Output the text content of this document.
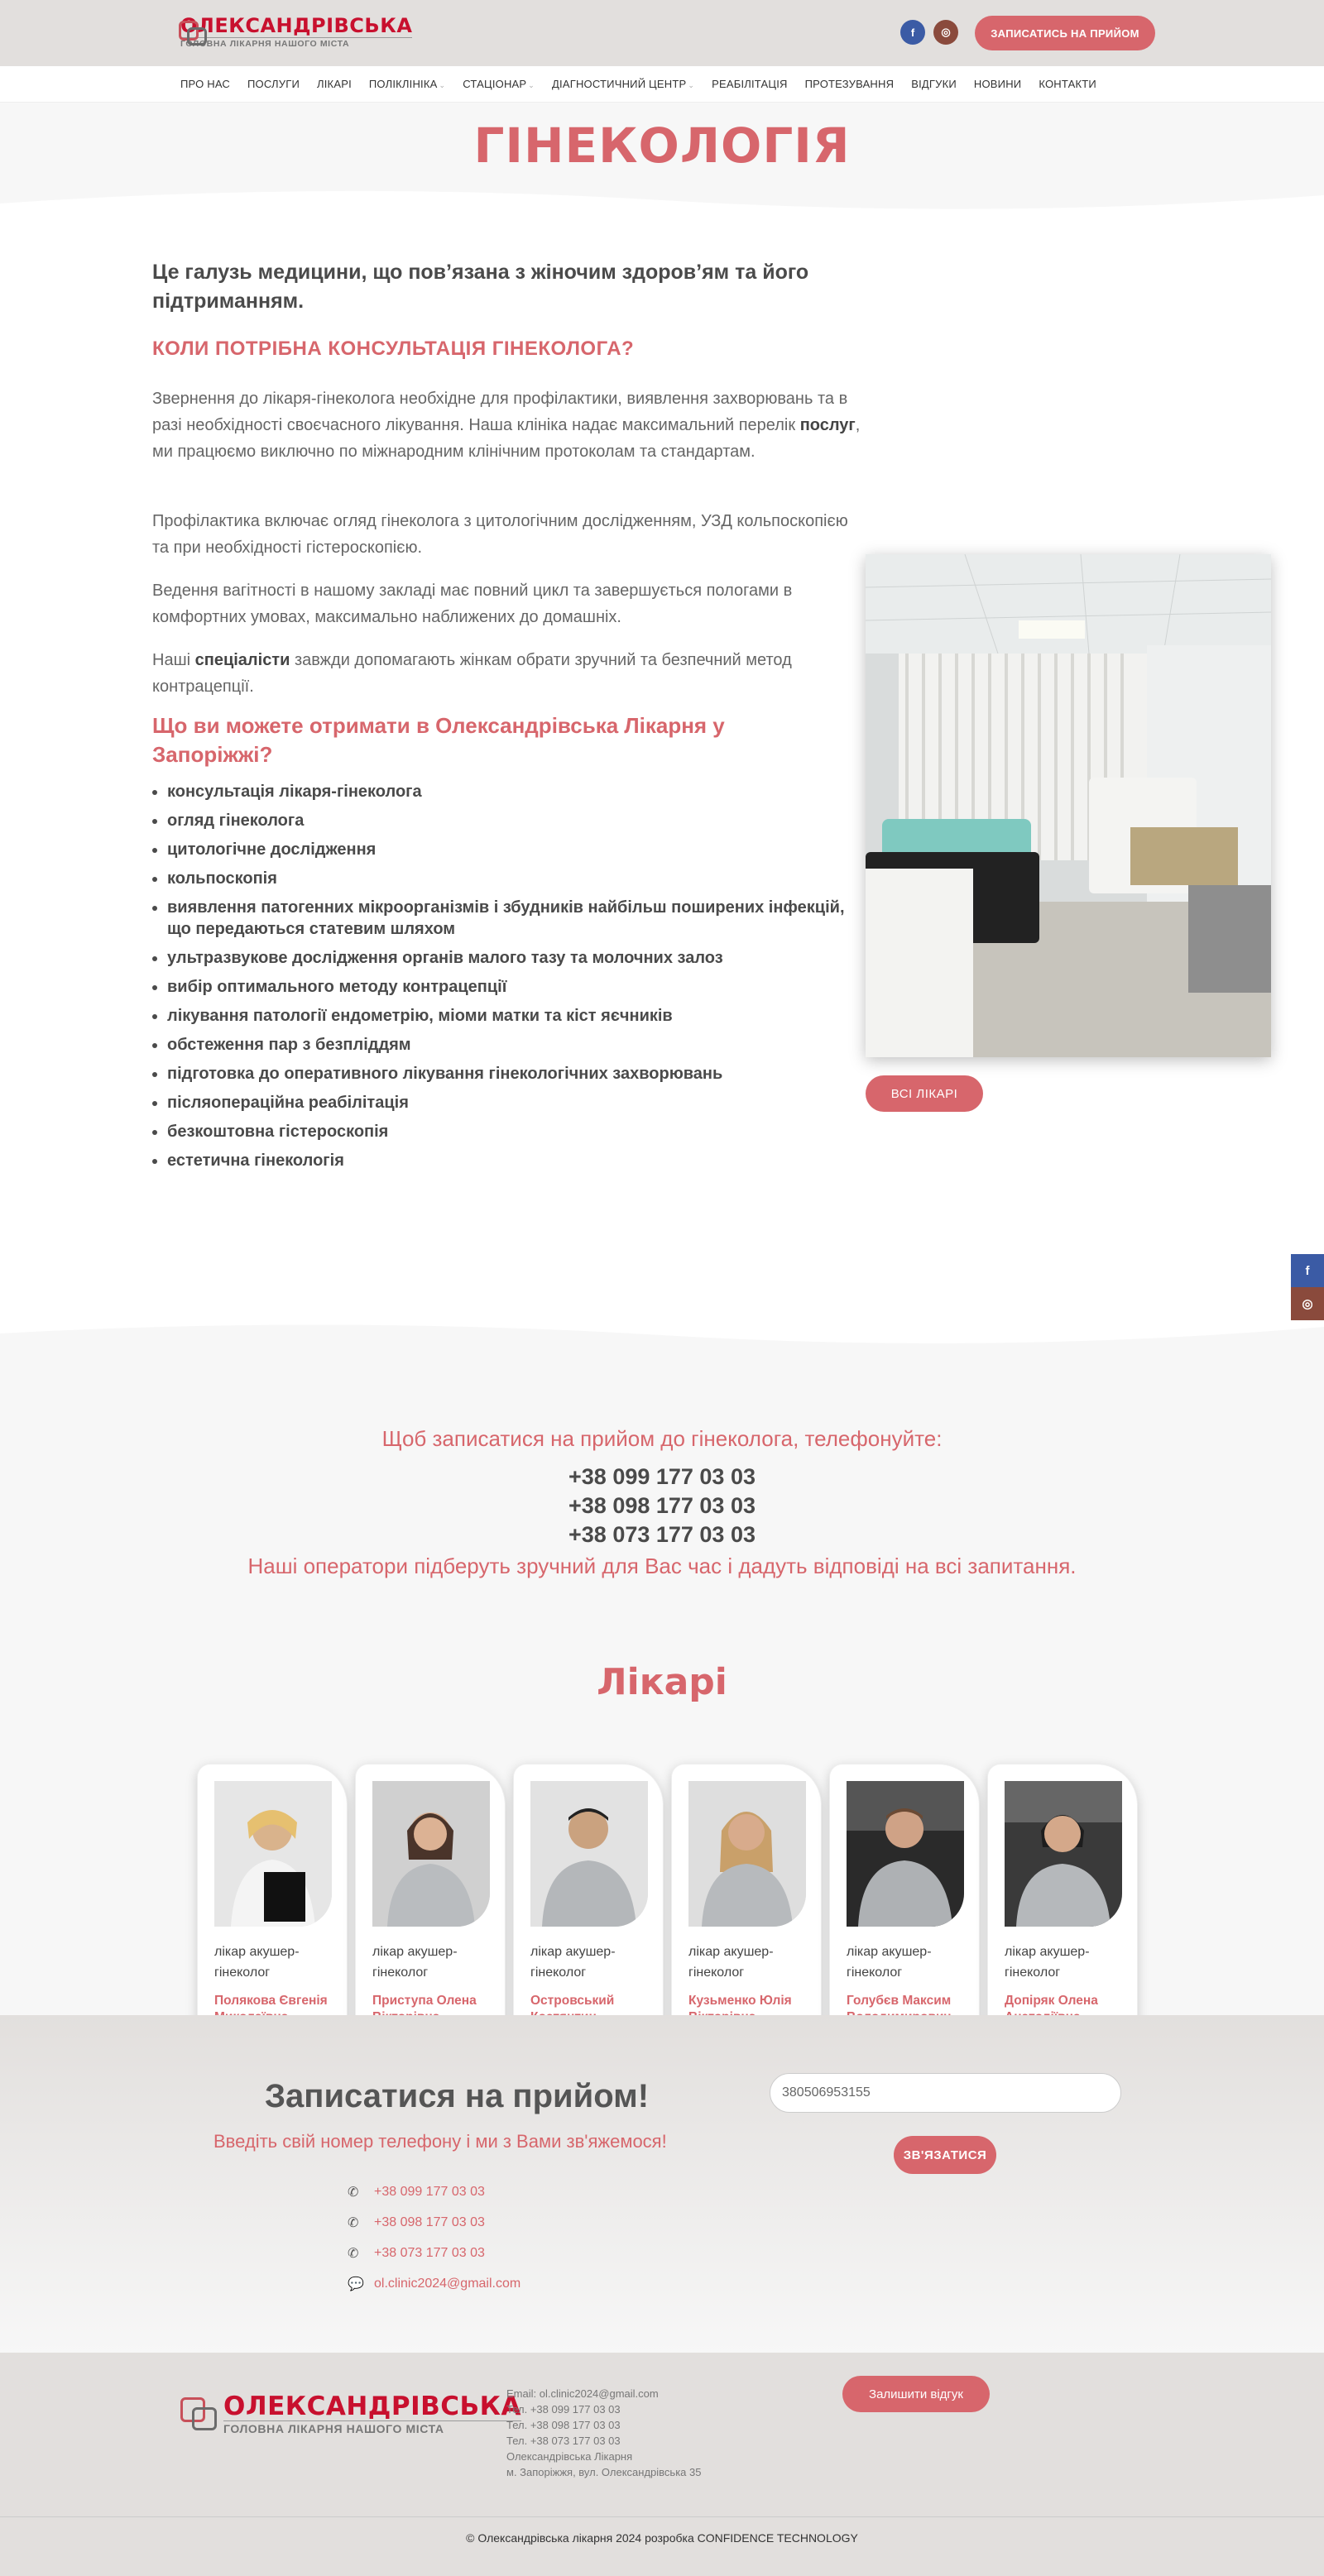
ОЛЕКСАНДРІВСЬКА
ГОЛОВНА ЛІКАРНЯ НАШОГО МІСТА
f	◎	ЗАПИСАТИСЬ НА ПРИЙОМ
ПРО НАС ПОСЛУГИ ЛІКАРІ ПОЛІКЛІНІКА ⌄ СТАЦІОНАР ⌄ ДІАГНОСТИЧНИЙ ЦЕНТР ⌄ РЕАБІЛІТАЦІЯ ПРОТЕЗУВАННЯ ВІДГУКИ НОВИНИ КОНТАКТИ
ГІНЕКОЛОГІЯ
Це галузь медицини, що пов’язана з жіночим здоров’ям та його підтриманням.
КОЛИ ПОТРІБНА КОНСУЛЬТАЦІЯ ГІНЕКОЛОГА?
Звернення до лікаря-гінеколога необхідне для профілактики, виявлення захворювань та в разі необхідності своєчасного лікування. Наша клініка надає максимальний перелік послуг, ми працюємо виключно по міжнародним клінічним протоколам та стандартам.
Профілактика включає огляд гінеколога з цитологічним дослідженням, УЗД кольпоскопією та при необхідності гістероскопією.
Ведення вагітності в нашому закладі має повний цикл та завершується пологами в комфортних умовах, максимально наближених до домашніх.
Наші спеціалісти завжди допомагають жінкам обрати зручний та безпечний метод контрацепції.
Що ви можете отримати в Олександрівська Лікарня у Запоріжжі?
• консультація лікаря-гінеколога
• огляд гінеколога
• цитологічне дослідження
• кольпоскопія
• виявлення патогенних мікроорганізмів і збудників найбільш поширених інфекцій, що передаються статевим шляхом
• ультразвукове дослідження органів малого тазу та молочних залоз
• вибір оптимального методу контрацепції
• лікування патології ендометрію, міоми матки та кіст яєчників
• обстеження пар з безпліддям
• підготовка до оперативного лікування гінекологічних захворювань
• післяопераційна реабілітація
• безкоштовна гістероскопія
• естетична гінекологія
ВСІ ЛІКАРІ
Щоб записатися на прийом до гінеколога, телефонуйте:
+38 099 177 03 03
+38 098 177 03 03
+38 073 177 03 03
Наші оператори підберуть зручний для Вас час і дадуть відповіді на всі запитання.
Лікарі
лікар акушер-гінеколог
Полякова Євгенія
лікар акушер-гінеколог
Приступа Олена
лікар акушер-гінеколог
Островський
лікар акушер-гінеколог
Кузьменко Юлія
лікар акушер-гінеколог
Голубєв Максим
лікар акушер-гінеколог
Допіряк Олена
Записатися на прийом!
Введіть свій номер телефону і ми з Вами зв'яжемося!
✆	+38 099 177 03 03
✆	+38 098 177 03 03
✆	+38 073 177 03 03
💬 ol.clinic2024@gmail.com
380506953155
ЗВ'ЯЗАТИСЯ
ОЛЕКСАНДРІВСЬКА
ГОЛОВНА ЛІКАРНЯ НАШОГО МІСТА
Email: ol.clinic2024@gmail.com
Тел. +38 099 177 03 03
Тел. +38 098 177 03 03
Тел. +38 073 177 03 03
Олександрівська Лікарня
м. Запоріжжя, вул. Олександрівська 35
Залишити відгук
© Олександрівська лікарня 2024 розробка CONFIDENCE TECHNOLOGY
f
◎
